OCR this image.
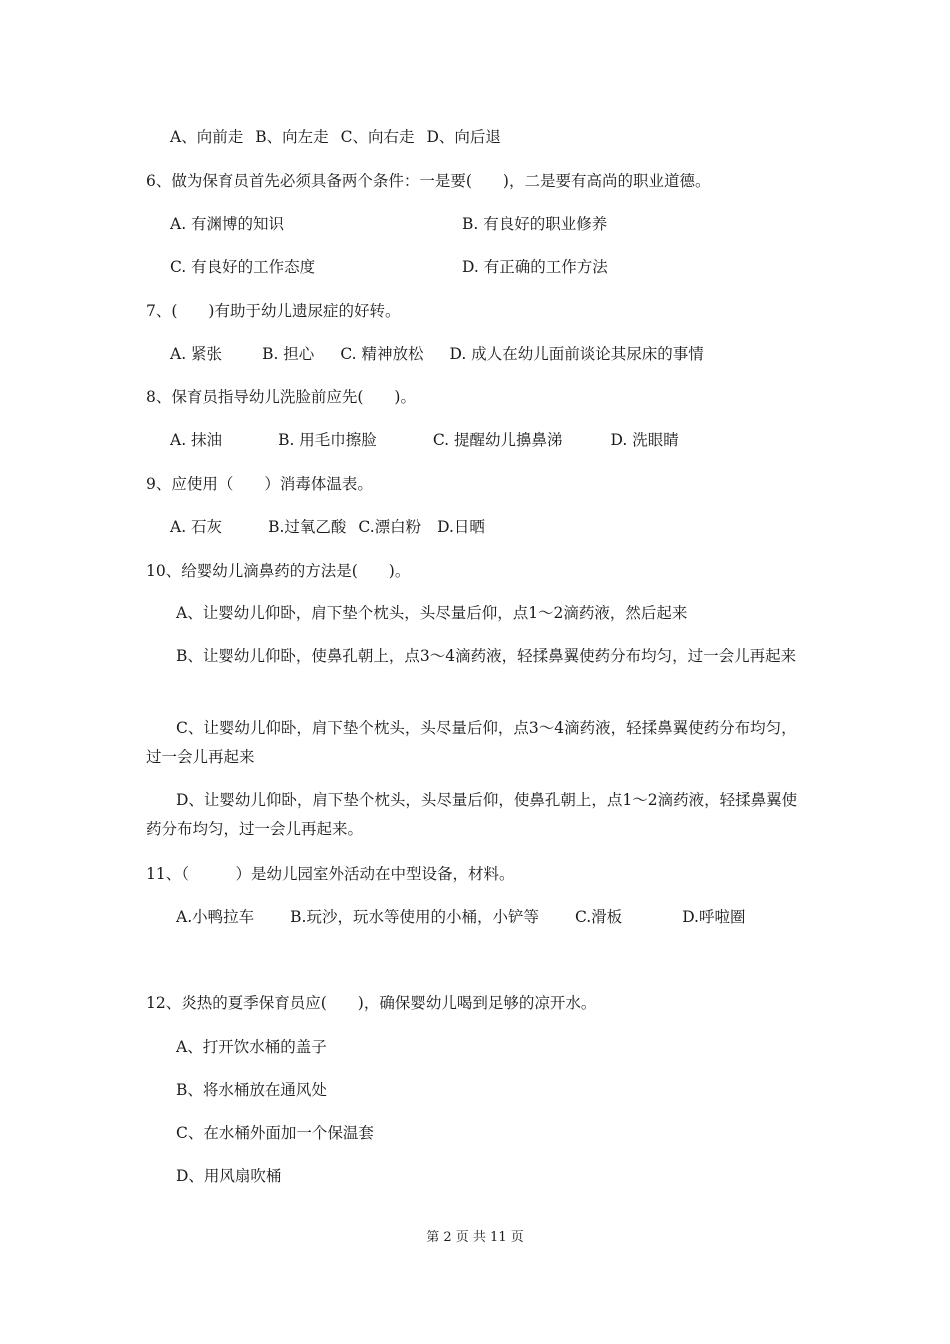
A、向前走 B、向左走 C、向右走 D、向后退
6、做为保育员首先必须具备两个条件：一是要(　　)，二是要有高尚的职业道德。
A. 有渊博的知识	B. 有良好的职业修养
C. 有良好的工作态度	D. 有正确的工作方法
7、(　　)有助于幼儿遗尿症的好转。
A. 紧张	B. 担心 C. 精神放松 D. 成人在幼儿面前谈论其尿床的事情
8、保育员指导幼儿洗脸前应先(　　)。
A. 抹油	B. 用毛巾擦脸	C. 提醒幼儿擤鼻涕	D. 洗眼睛
9、应使用（　　）消毒体温表。
A. 石灰	B.过氧乙酸 C.漂白粉 D.日晒
10、给婴幼儿滴鼻药的方法是(　　)。
A、让婴幼儿仰卧，肩下垫个枕头，头尽量后仰，点1～2滴药液，然后起来
B、让婴幼儿仰卧，使鼻孔朝上，点3～4滴药液，轻揉鼻翼使药分布均匀，过一会儿再起来
C、让婴幼儿仰卧，肩下垫个枕头，头尽量后仰，点3～4滴药液，轻揉鼻翼使药分布均匀，过一会儿再起来
D、让婴幼儿仰卧，肩下垫个枕头，头尽量后仰，使鼻孔朝上，点1～2滴药液，轻揉鼻翼使药分布均匀，过一会儿再起来。
11、（　　　）是幼儿园室外活动在中型设备，材料。
A.小鸭拉车 B.玩沙，玩水等使用的小桶，小铲等 C.滑板	D.呼啦圈
12、炎热的夏季保育员应(　　)，确保婴幼儿喝到足够的凉开水。
A、打开饮水桶的盖子
B、将水桶放在通风处
C、在水桶外面加一个保温套
D、用风扇吹桶
第 2 页 共 11 页
